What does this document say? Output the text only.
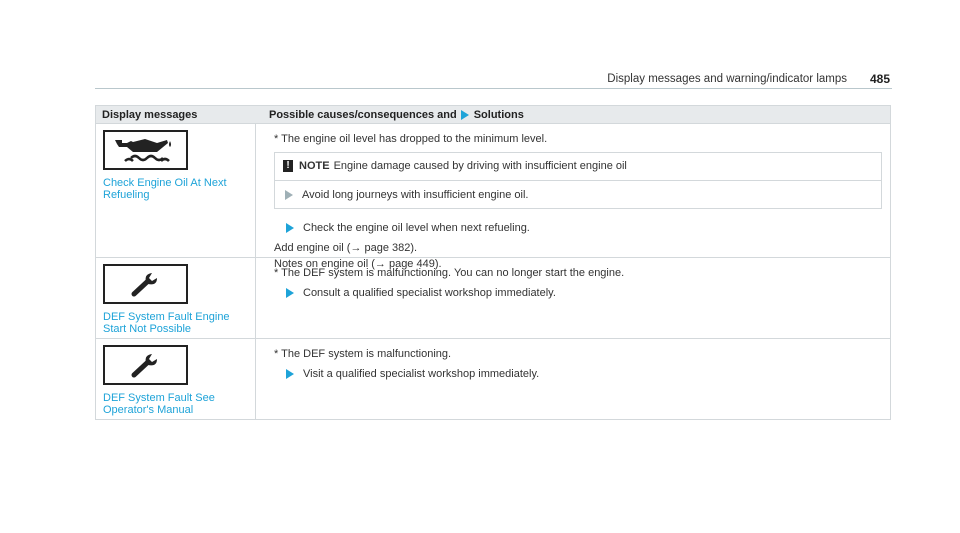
Display messages and warning/indicator lamps 485
Display messages	Possible causes/consequences and Solutions
Check Engine Oil At Next Refueling
* The engine oil level has dropped to the minimum level.
! NOTE Engine damage caused by driving with insufficient engine oil
Avoid long journeys with insufficient engine oil.
Check the engine oil level when next refueling.
Add engine oil (→ page 382).
Notes on engine oil (→ page 449).
DEF System Fault Engine Start Not Possible
* The DEF system is malfunctioning. You can no longer start the engine.
Consult a qualified specialist workshop immediately.
DEF System Fault See Operator's Manual
* The DEF system is malfunctioning.
Visit a qualified specialist workshop immediately.
